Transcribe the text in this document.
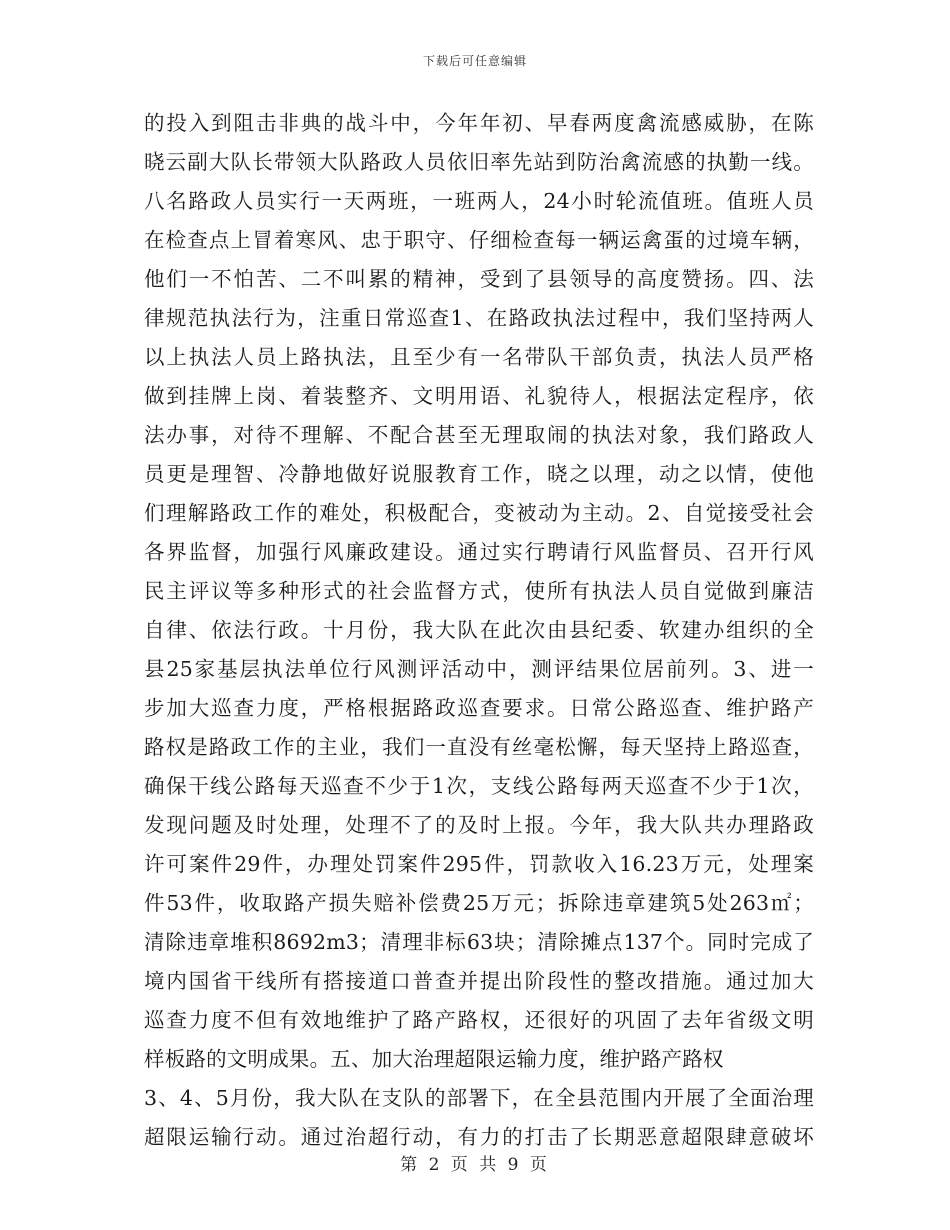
下载后可任意编辑
的投入到阻击非典的战斗中，今年年初、早春两度禽流感威胁，在陈
晓云副大队长带领大队路政人员依旧率先站到防治禽流感的执勤一线。
八名路政人员实行一天两班，一班两人，24小时轮流值班。值班人员
在检查点上冒着寒风、忠于职守、仔细检查每一辆运禽蛋的过境车辆，
他们一不怕苦、二不叫累的精神，受到了县领导的高度赞扬。四、法
律规范执法行为，注重日常巡查1、在路政执法过程中，我们坚持两人
以上执法人员上路执法，且至少有一名带队干部负责，执法人员严格
做到挂牌上岗、着装整齐、文明用语、礼貌待人，根据法定程序，依
法办事，对待不理解、不配合甚至无理取闹的执法对象，我们路政人
员更是理智、冷静地做好说服教育工作，晓之以理，动之以情，使他
们理解路政工作的难处，积极配合，变被动为主动。2、自觉接受社会
各界监督，加强行风廉政建设。通过实行聘请行风监督员、召开行风
民主评议等多种形式的社会监督方式，使所有执法人员自觉做到廉洁
自律、依法行政。十月份，我大队在此次由县纪委、软建办组织的全
县25家基层执法单位行风测评活动中，测评结果位居前列。3、进一
步加大巡查力度，严格根据路政巡查要求。日常公路巡查、维护路产
路权是路政工作的主业，我们一直没有丝毫松懈，每天坚持上路巡查，
确保干线公路每天巡查不少于1次，支线公路每两天巡查不少于1次，
发现问题及时处理，处理不了的及时上报。今年，我大队共办理路政
许可案件29件，办理处罚案件295件，罚款收入16.23万元，处理案
件53件，收取路产损失赔补偿费25万元；拆除违章建筑5处263㎡；
清除违章堆积8692m3；清理非标63块；清除摊点137个。同时完成了
境内国省干线所有搭接道口普查并提出阶段性的整改措施。通过加大
巡查力度不但有效地维护了路产路权，还很好的巩固了去年省级文明
样板路的文明成果。五、加大治理超限运输力度，维护路产路权
3、4、5月份，我大队在支队的部署下，在全县范围内开展了全面治理
超限运输行动。通过治超行动，有力的打击了长期恶意超限肆意破坏
第 2 页 共 9 页
